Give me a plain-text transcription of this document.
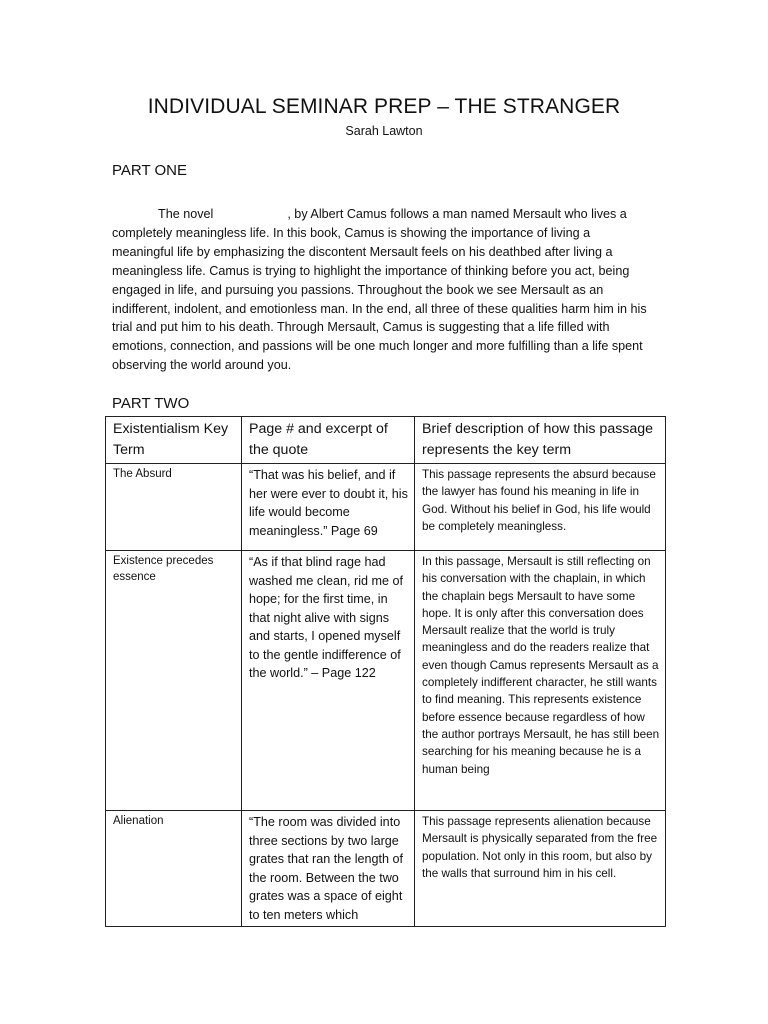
INDIVIDUAL SEMINAR PREP – THE STRANGER
Sarah Lawton
PART ONE

The novel	, by Albert Camus follows a man named Mersault who lives a completely meaningless life. In this book, Camus is showing the importance of living a meaningful life by emphasizing the discontent Mersault feels on his deathbed after living a meaningless life. Camus is trying to highlight the importance of thinking before you act, being engaged in life, and pursuing you passions. Throughout the book we see Mersault as an indifferent, indolent, and emotionless man. In the end, all three of these qualities harm him in his trial and put him to his death. Through Mersault, Camus is suggesting that a life filled with emotions, connection, and passions will be one much longer and more fulfilling than a life spent observing the world around you.

PART TWO
Existentialism Key Term	Page # and excerpt of the quote	Brief description of how this passage represents the key term
The Absurd	“That was his belief, and if her were ever to doubt it, his life would become meaningless.” Page 69	This passage represents the absurd because the lawyer has found his meaning in life in God. Without his belief in God, his life would be completely meaningless.
Existence precedes essence	“As if that blind rage had washed me clean, rid me of hope; for the first time, in that night alive with signs and starts, I opened myself to the gentle indifference of the world.” – Page 122	In this passage, Mersault is still reflecting on his conversation with the chaplain, in which the chaplain begs Mersault to have some hope. It is only after this conversation does Mersault realize that the world is truly meaningless and do the readers realize that even though Camus represents Mersault as a completely indifferent character, he still wants to find meaning. This represents existence before essence because regardless of how the author portrays Mersault, he has still been searching for his meaning because he is a human being
Alienation	“The room was divided into three sections by two large grates that ran the length of the room. Between the two grates was a space of eight to ten meters which	This passage represents alienation because Mersault is physically separated from the free population. Not only in this room, but also by the walls that surround him in his cell.
